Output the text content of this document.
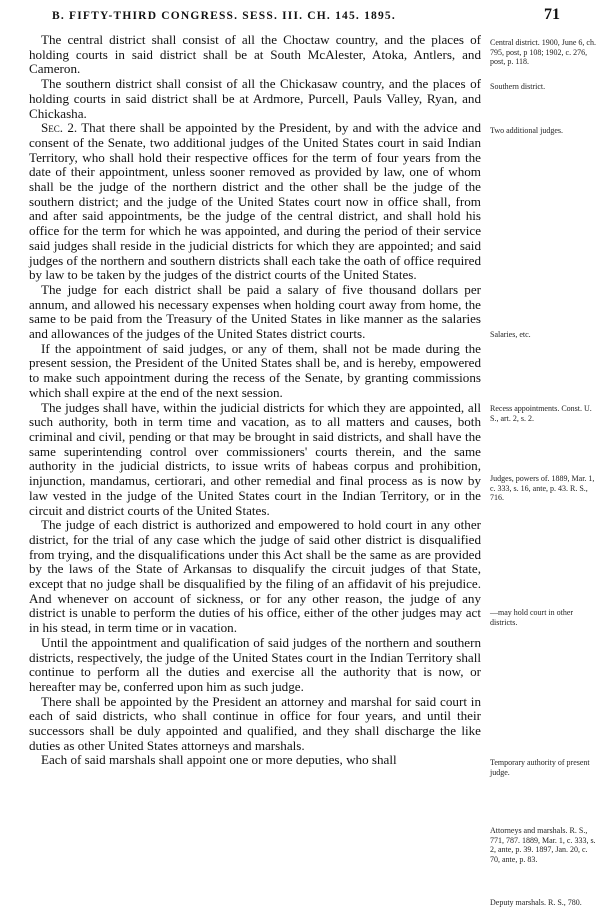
B. FIFTY-THIRD CONGRESS. SESS. III. CH. 145. 1895.	71

The central district shall consist of all the Choctaw country, and the places of holding courts in said district shall be at South McAlester, Atoka, Antlers, and Cameron.

The southern district shall consist of all the Chickasaw country, and the places of holding courts in said district shall be at Ardmore, Purcell, Pauls Valley, Ryan, and Chickasha.

Sec. 2. That there shall be appointed by the President, by and with the advice and consent of the Senate, two additional judges of the United States court in said Indian Territory, who shall hold their respective offices for the term of four years from the date of their appointment, unless sooner removed as provided by law, one of whom shall be the judge of the northern district and the other shall be the judge of the southern district; and the judge of the United States court now in office shall, from and after said appointments, be the judge of the central district, and shall hold his office for the term for which he was appointed, and during the period of their service said judges shall reside in the judicial districts for which they are appointed; and said judges of the northern and southern districts shall each take the oath of office required by law to be taken by the judges of the district courts of the United States.

The judge for each district shall be paid a salary of five thousand dollars per annum, and allowed his necessary expenses when holding court away from home, the same to be paid from the Treasury of the United States in like manner as the salaries and allowances of the judges of the United States district courts.

If the appointment of said judges, or any of them, shall not be made during the present session, the President of the United States shall be, and is hereby, empowered to make such appointment during the recess of the Senate, by granting commissions which shall expire at the end of the next session.

The judges shall have, within the judicial districts for which they are appointed, all such authority, both in term time and vacation, as to all matters and causes, both criminal and civil, pending or that may be brought in said districts, and shall have the same superintending control over commissioners' courts therein, and the same authority in the judicial districts, to issue writs of habeas corpus and prohibition, injunction, mandamus, certiorari, and other remedial and final process as is now by law vested in the judge of the United States court in the Indian Territory, or in the circuit and district courts of the United States.

The judge of each district is authorized and empowered to hold court in any other district, for the trial of any case which the judge of said other district is disqualified from trying, and the disqualifications under this Act shall be the same as are provided by the laws of the State of Arkansas to disqualify the circuit judges of that State, except that no judge shall be disqualified by the filing of an affidavit of his prejudice. And whenever on account of sickness, or for any other reason, the judge of any district is unable to perform the duties of his office, either of the other judges may act in his stead, in term time or in vacation.

Until the appointment and qualification of said judges of the northern and southern districts, respectively, the judge of the United States court in the Indian Territory shall continue to perform all the duties and exercise all the authority that is now, or hereafter may be, conferred upon him as such judge.

There shall be appointed by the President an attorney and marshal for said court in each of said districts, who shall continue in office for four years, and until their successors shall be duly appointed and qualified, and they shall discharge the like duties as other United States attorneys and marshals.

Each of said marshals shall appoint one or more deputies, who shall

Central district. 1900, June 6, ch. 795, post, p 108; 1902, c. 276, post, p. 118.
Southern district.
Two additional judges.
Salaries, etc.
Recess appointments. Const. U. S., art. 2, s. 2.
Judges, powers of. 1889, Mar. 1, c. 333, s. 16, ante, p. 43. R. S., 716.
—may hold court in other districts.
Temporary authority of present judge.
Attorneys and marshals. R. S., 771, 787. 1889, Mar. 1, c. 333, s. 2, ante, p. 39. 1897, Jan. 20, c. 70, ante, p. 83.
Deputy marshals. R. S., 780.
